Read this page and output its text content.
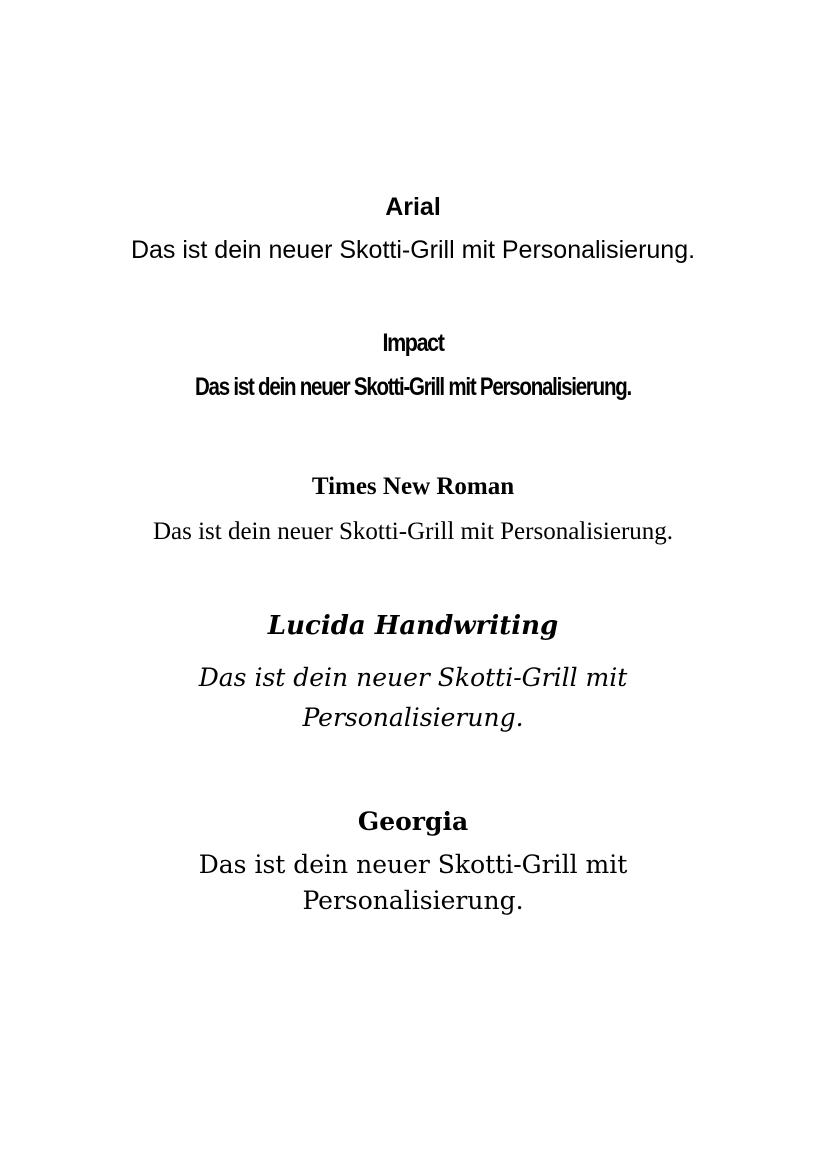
Arial
Das ist dein neuer Skotti-Grill mit Personalisierung.
Impact
Das ist dein neuer Skotti-Grill mit Personalisierung.
Times New Roman
Das ist dein neuer Skotti-Grill mit Personalisierung.
Lucida Handwriting
Das ist dein neuer Skotti-Grill mit Personalisierung.
Georgia
Das ist dein neuer Skotti-Grill mit Personalisierung.
